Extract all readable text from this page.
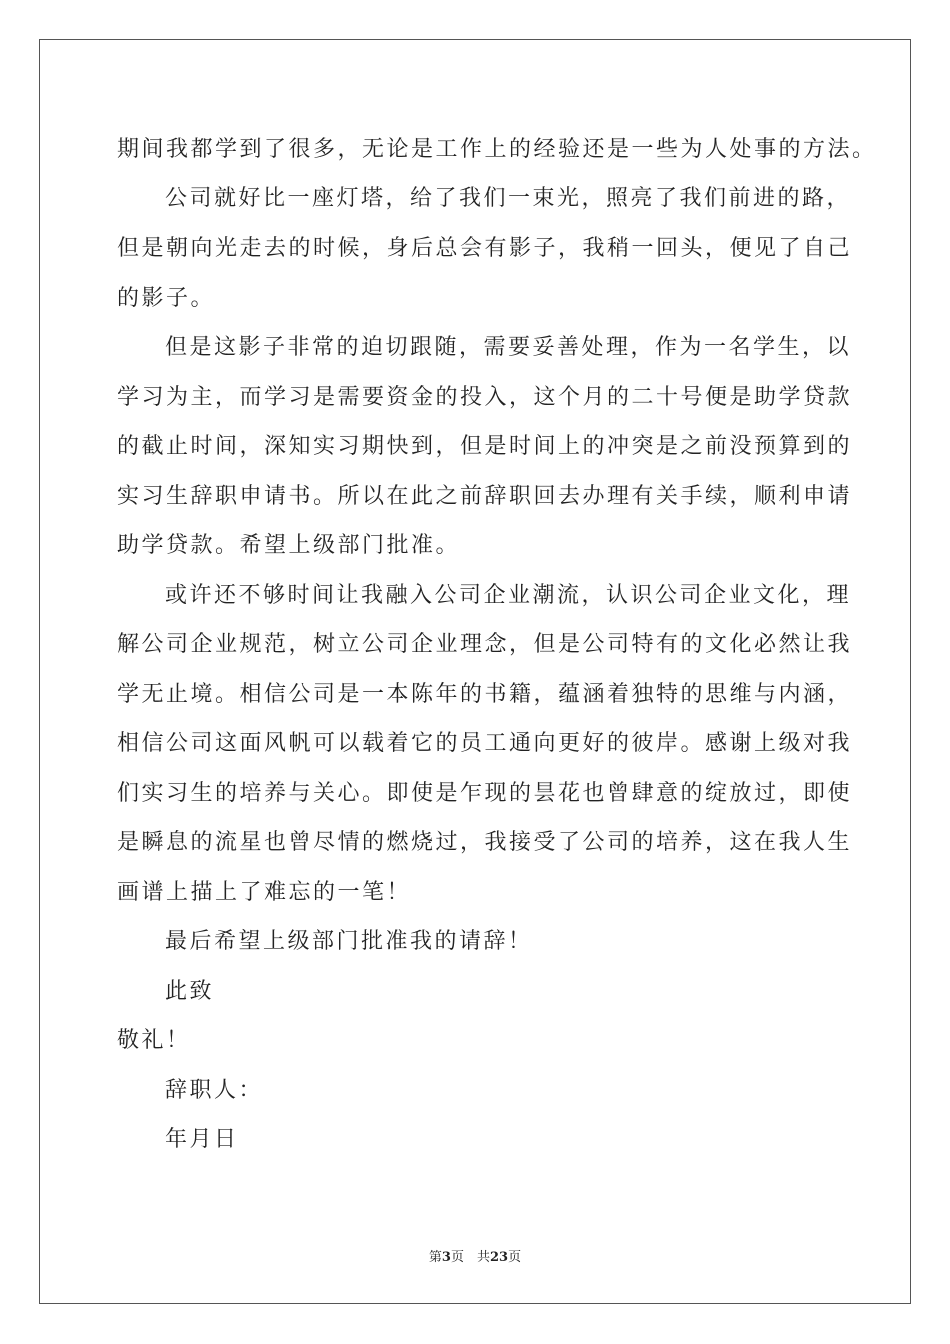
期间我都学到了很多，无论是工作上的经验还是一些为人处事的方法。
公司就好比一座灯塔，给了我们一束光，照亮了我们前进的路，
但是朝向光走去的时候，身后总会有影子，我稍一回头，便见了自己
的影子。
但是这影子非常的迫切跟随，需要妥善处理，作为一名学生，以
学习为主，而学习是需要资金的投入，这个月的二十号便是助学贷款
的截止时间，深知实习期快到，但是时间上的冲突是之前没预算到的
实习生辞职申请书。所以在此之前辞职回去办理有关手续，顺利申请
助学贷款。希望上级部门批准。
或许还不够时间让我融入公司企业潮流，认识公司企业文化，理
解公司企业规范，树立公司企业理念，但是公司特有的文化必然让我
学无止境。相信公司是一本陈年的书籍，蕴涵着独特的思维与内涵，
相信公司这面风帆可以载着它的员工通向更好的彼岸。感谢上级对我
们实习生的培养与关心。即使是乍现的昙花也曾肆意的绽放过，即使
是瞬息的流星也曾尽情的燃烧过，我接受了公司的培养，这在我人生
画谱上描上了难忘的一笔！
最后希望上级部门批准我的请辞！
此致
敬礼！
辞职人：
年月日
第3页　共23页
